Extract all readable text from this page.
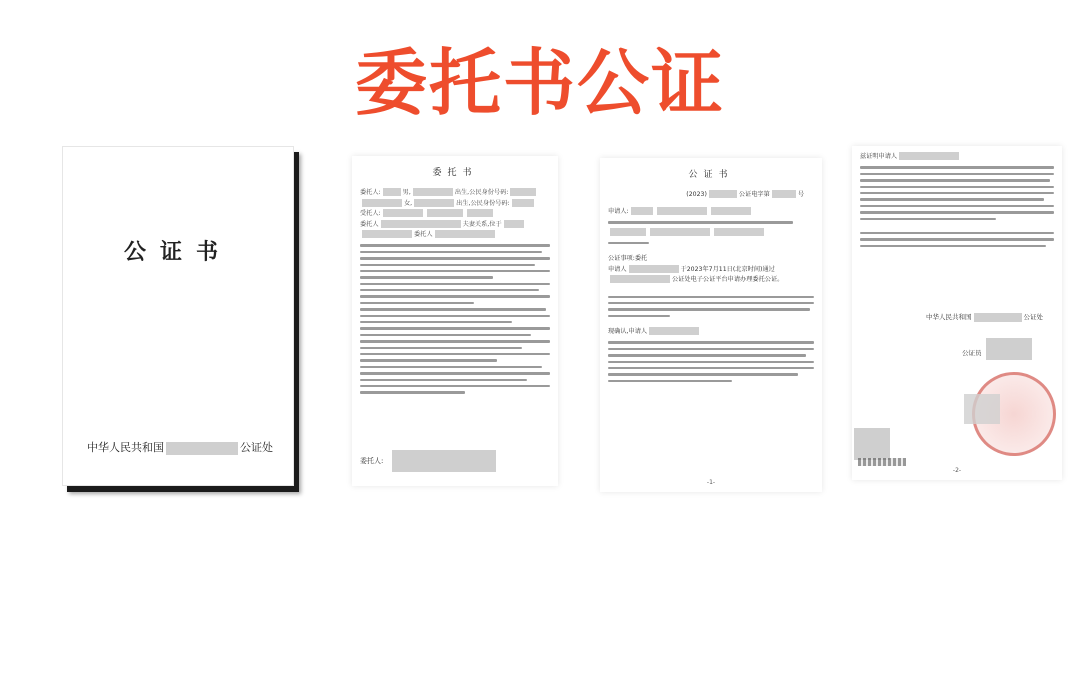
委托书公证
公证书
中华人民共和国	公证处
委托书
委托人:	男,	出生,公民身份号码:
女,	出生,公民身份号码:
受托人:
委托人	夫妻关系,位于
委托人
委托人:
公证书
(2023)	公证电字第	号
申请人:
公证事项:委托
申请人	于2023年7月11日(北京时间)通过
公证处电子公证平台申请办理委托公证。
现确认,申请人
-1-
兹证明申请人
中华人民共和国	公证处
公证员
-2-
